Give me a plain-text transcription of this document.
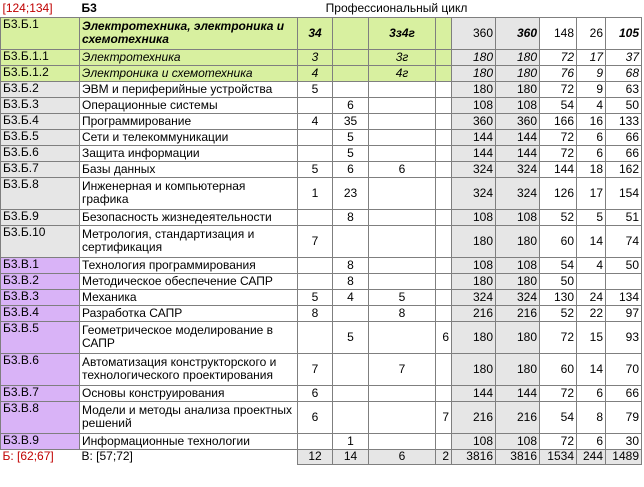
[124;134]	Б3	Профессиональный цикл								
Б3.Б.1	Электротехника, электроника и схемотехника	34		3з4г		360	360	148	26	105
Б3.Б.1.1	Электротехника	3		3г		180	180	72	17	37
Б3.Б.1.2	Электроника и схемотехника	4		4г		180	180	76	9	68
Б3.Б.2	ЭВМ и периферийные устройства	5				180	180	72	9	63
Б3.Б.3	Операционные системы		6			108	108	54	4	50
Б3.Б.4	Программирование	4	35			360	360	166	16	133
Б3.Б.5	Сети и телекоммуникации		5			144	144	72	6	66
Б3.Б.6	Защита информации		5			144	144	72	6	66
Б3.Б.7	Базы данных	5	6	6		324	324	144	18	162
Б3.Б.8	Инженерная и компьютерная графика	1	23			324	324	126	17	154
Б3.Б.9	Безопасность жизнедеятельности		8			108	108	52	5	51
Б3.Б.10	Метрология, стандартизация и сертификация	7				180	180	60	14	74
Б3.В.1	Технология программирования		8			108	108	54	4	50
Б3.В.2	Методическое обеспечение САПР		8			180	180	50		
Б3.В.3	Механика	5	4	5		324	324	130	24	134
Б3.В.4	Разработка САПР	8		8		216	216	52	22	97
Б3.В.5	Геометрическое моделирование в САПР		5		6	180	180	72	15	93
Б3.В.6	Автоматизация конструкторского и технологического проектирования	7		7		180	180	60	14	70
Б3.В.7	Основы конструирования	6				144	144	72	6	66
Б3.В.8	Модели и методы анализа проектных решений	6			7	216	216	54	8	79
Б3.В.9	Информационные технологии		1			108	108	72	6	30
Б: [62;67]	В: [57;72]	12	14	6	2	3816	3816	1534	244	1489
